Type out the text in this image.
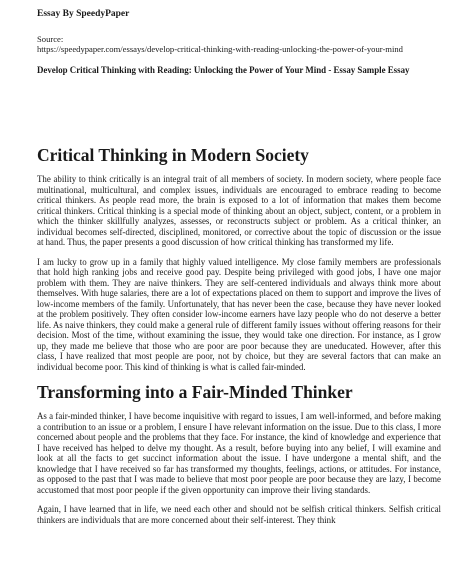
Essay By SpeedyPaper
Source:
https://speedypaper.com/essays/develop-critical-thinking-with-reading-unlocking-the-power-of-your-mind
Develop Critical Thinking with Reading: Unlocking the Power of Your Mind - Essay Sample Essay
Critical Thinking in Modern Society

The ability to think critically is an integral trait of all members of society. In modern society, where people face multinational, multicultural, and complex issues, individuals are encouraged to embrace reading to become critical thinkers. As people read more, the brain is exposed to a lot of information that makes them become critical thinkers. Critical thinking is a special mode of thinking about an object, subject, content, or a problem in which the thinker skillfully analyzes, assesses, or reconstructs subject or problem. As a critical thinker, an individual becomes self-directed, disciplined, monitored, or corrective about the topic of discussion or the issue at hand. Thus, the paper presents a good discussion of how critical thinking has transformed my life.

I am lucky to grow up in a family that highly valued intelligence. My close family members are professionals that hold high ranking jobs and receive good pay. Despite being privileged with good jobs, I have one major problem with them. They are naive thinkers. They are self-centered individuals and always think more about themselves. With huge salaries, there are a lot of expectations placed on them to support and improve the lives of low-income members of the family. Unfortunately, that has never been the case, because they have never looked at the problem positively. They often consider low-income earners have lazy people who do not deserve a better life. As naive thinkers, they could make a general rule of different family issues without offering reasons for their decision. Most of the time, without examining the issue, they would take one direction. For instance, as I grow up, they made me believe that those who are poor are poor because they are uneducated. However, after this class, I have realized that most people are poor, not by choice, but they are several factors that can make an individual become poor. This kind of thinking is what is called fair-minded.

Transforming into a Fair-Minded Thinker

As a fair-minded thinker, I have become inquisitive with regard to issues, I am well-informed, and before making a contribution to an issue or a problem, I ensure I have relevant information on the issue. Due to this class, I more concerned about people and the problems that they face. For instance, the kind of knowledge and experience that I have received has helped to delve my thought. As a result, before buying into any belief, I will examine and look at all the facts to get succinct information about the issue. I have undergone a mental shift, and the knowledge that I have received so far has transformed my thoughts, feelings, actions, or attitudes. For instance, as opposed to the past that I was made to believe that most poor people are poor because they are lazy, I become accustomed that most poor people if the given opportunity can improve their living standards.

Again, I have learned that in life, we need each other and should not be selfish critical thinkers. Selfish critical thinkers are individuals that are more concerned about their self-interest. They think
